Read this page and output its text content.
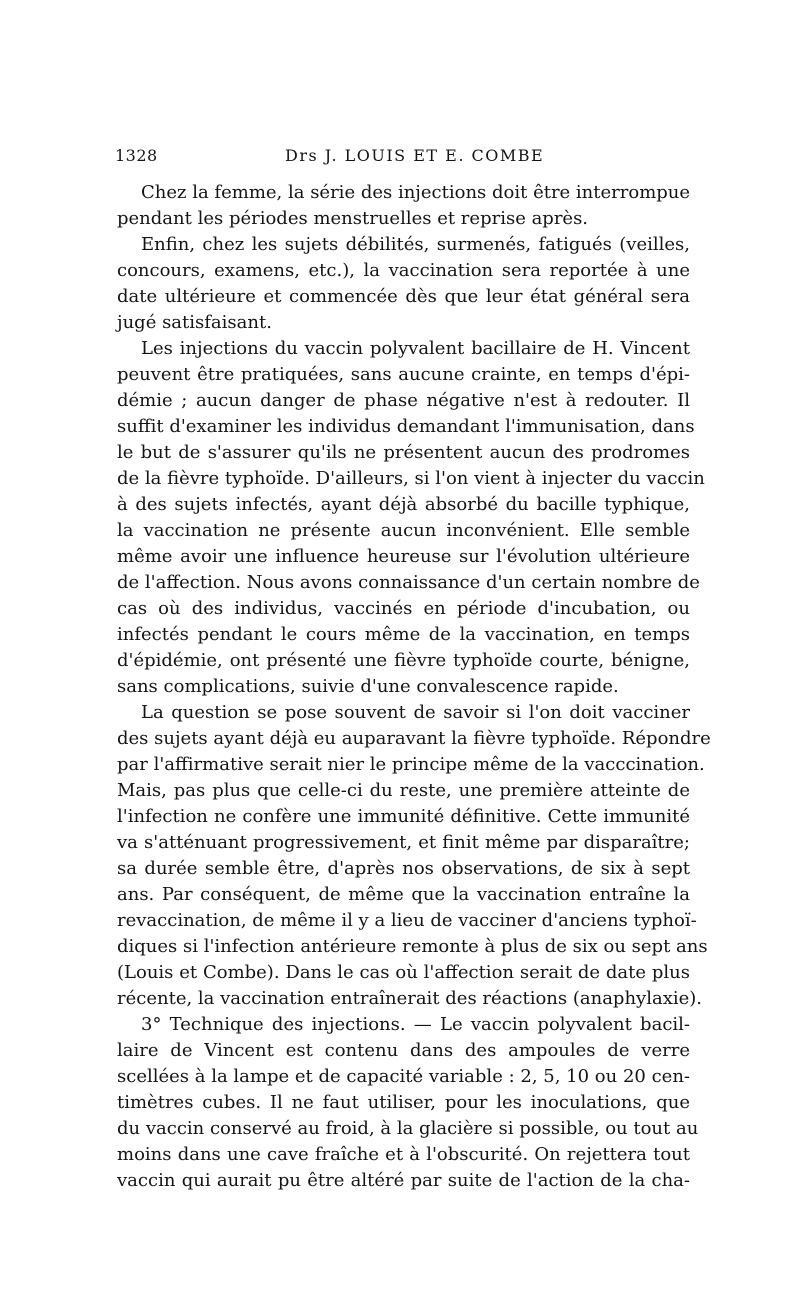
1328	Drs J. LOUIS ET E. COMBE
Chez la femme, la série des injections doit être interrompue
pendant les périodes menstruelles et reprise après.
Enfin, chez les sujets débilités, surmenés, fatigués (veilles,
concours, examens, etc.), la vaccination sera reportée à une
date ultérieure et commencée dès que leur état général sera
jugé satisfaisant.
Les injections du vaccin polyvalent bacillaire de H. Vincent
peuvent être pratiquées, sans aucune crainte, en temps d'épi-
démie ; aucun danger de phase négative n'est à redouter. Il
suffit d'examiner les individus demandant l'immunisation, dans
le but de s'assurer qu'ils ne présentent aucun des prodromes
de la fièvre typhoïde. D'ailleurs, si l'on vient à injecter du vaccin
à des sujets infectés, ayant déjà absorbé du bacille typhique,
la vaccination ne présente aucun inconvénient. Elle semble
même avoir une influence heureuse sur l'évolution ultérieure
de l'affection. Nous avons connaissance d'un certain nombre de
cas où des individus, vaccinés en période d'incubation, ou
infectés pendant le cours même de la vaccination, en temps
d'épidémie, ont présenté une fièvre typhoïde courte, bénigne,
sans complications, suivie d'une convalescence rapide.
La question se pose souvent de savoir si l'on doit vacciner
des sujets ayant déjà eu auparavant la fièvre typhoïde. Répondre
par l'affirmative serait nier le principe même de la vacccination.
Mais, pas plus que celle-ci du reste, une première atteinte de
l'infection ne confère une immunité définitive. Cette immunité
va s'atténuant progressivement, et finit même par disparaître;
sa durée semble être, d'après nos observations, de six à sept
ans. Par conséquent, de même que la vaccination entraîne la
revaccination, de même il y a lieu de vacciner d'anciens typhoï-
diques si l'infection antérieure remonte à plus de six ou sept ans
(Louis et Combe). Dans le cas où l'affection serait de date plus
récente, la vaccination entraînerait des réactions (anaphylaxie).
3° Technique des injections. — Le vaccin polyvalent bacil-
laire de Vincent est contenu dans des ampoules de verre
scellées à la lampe et de capacité variable : 2, 5, 10 ou 20 cen-
timètres cubes. Il ne faut utiliser, pour les inoculations, que
du vaccin conservé au froid, à la glacière si possible, ou tout au
moins dans une cave fraîche et à l'obscurité. On rejettera tout
vaccin qui aurait pu être altéré par suite de l'action de la cha-
